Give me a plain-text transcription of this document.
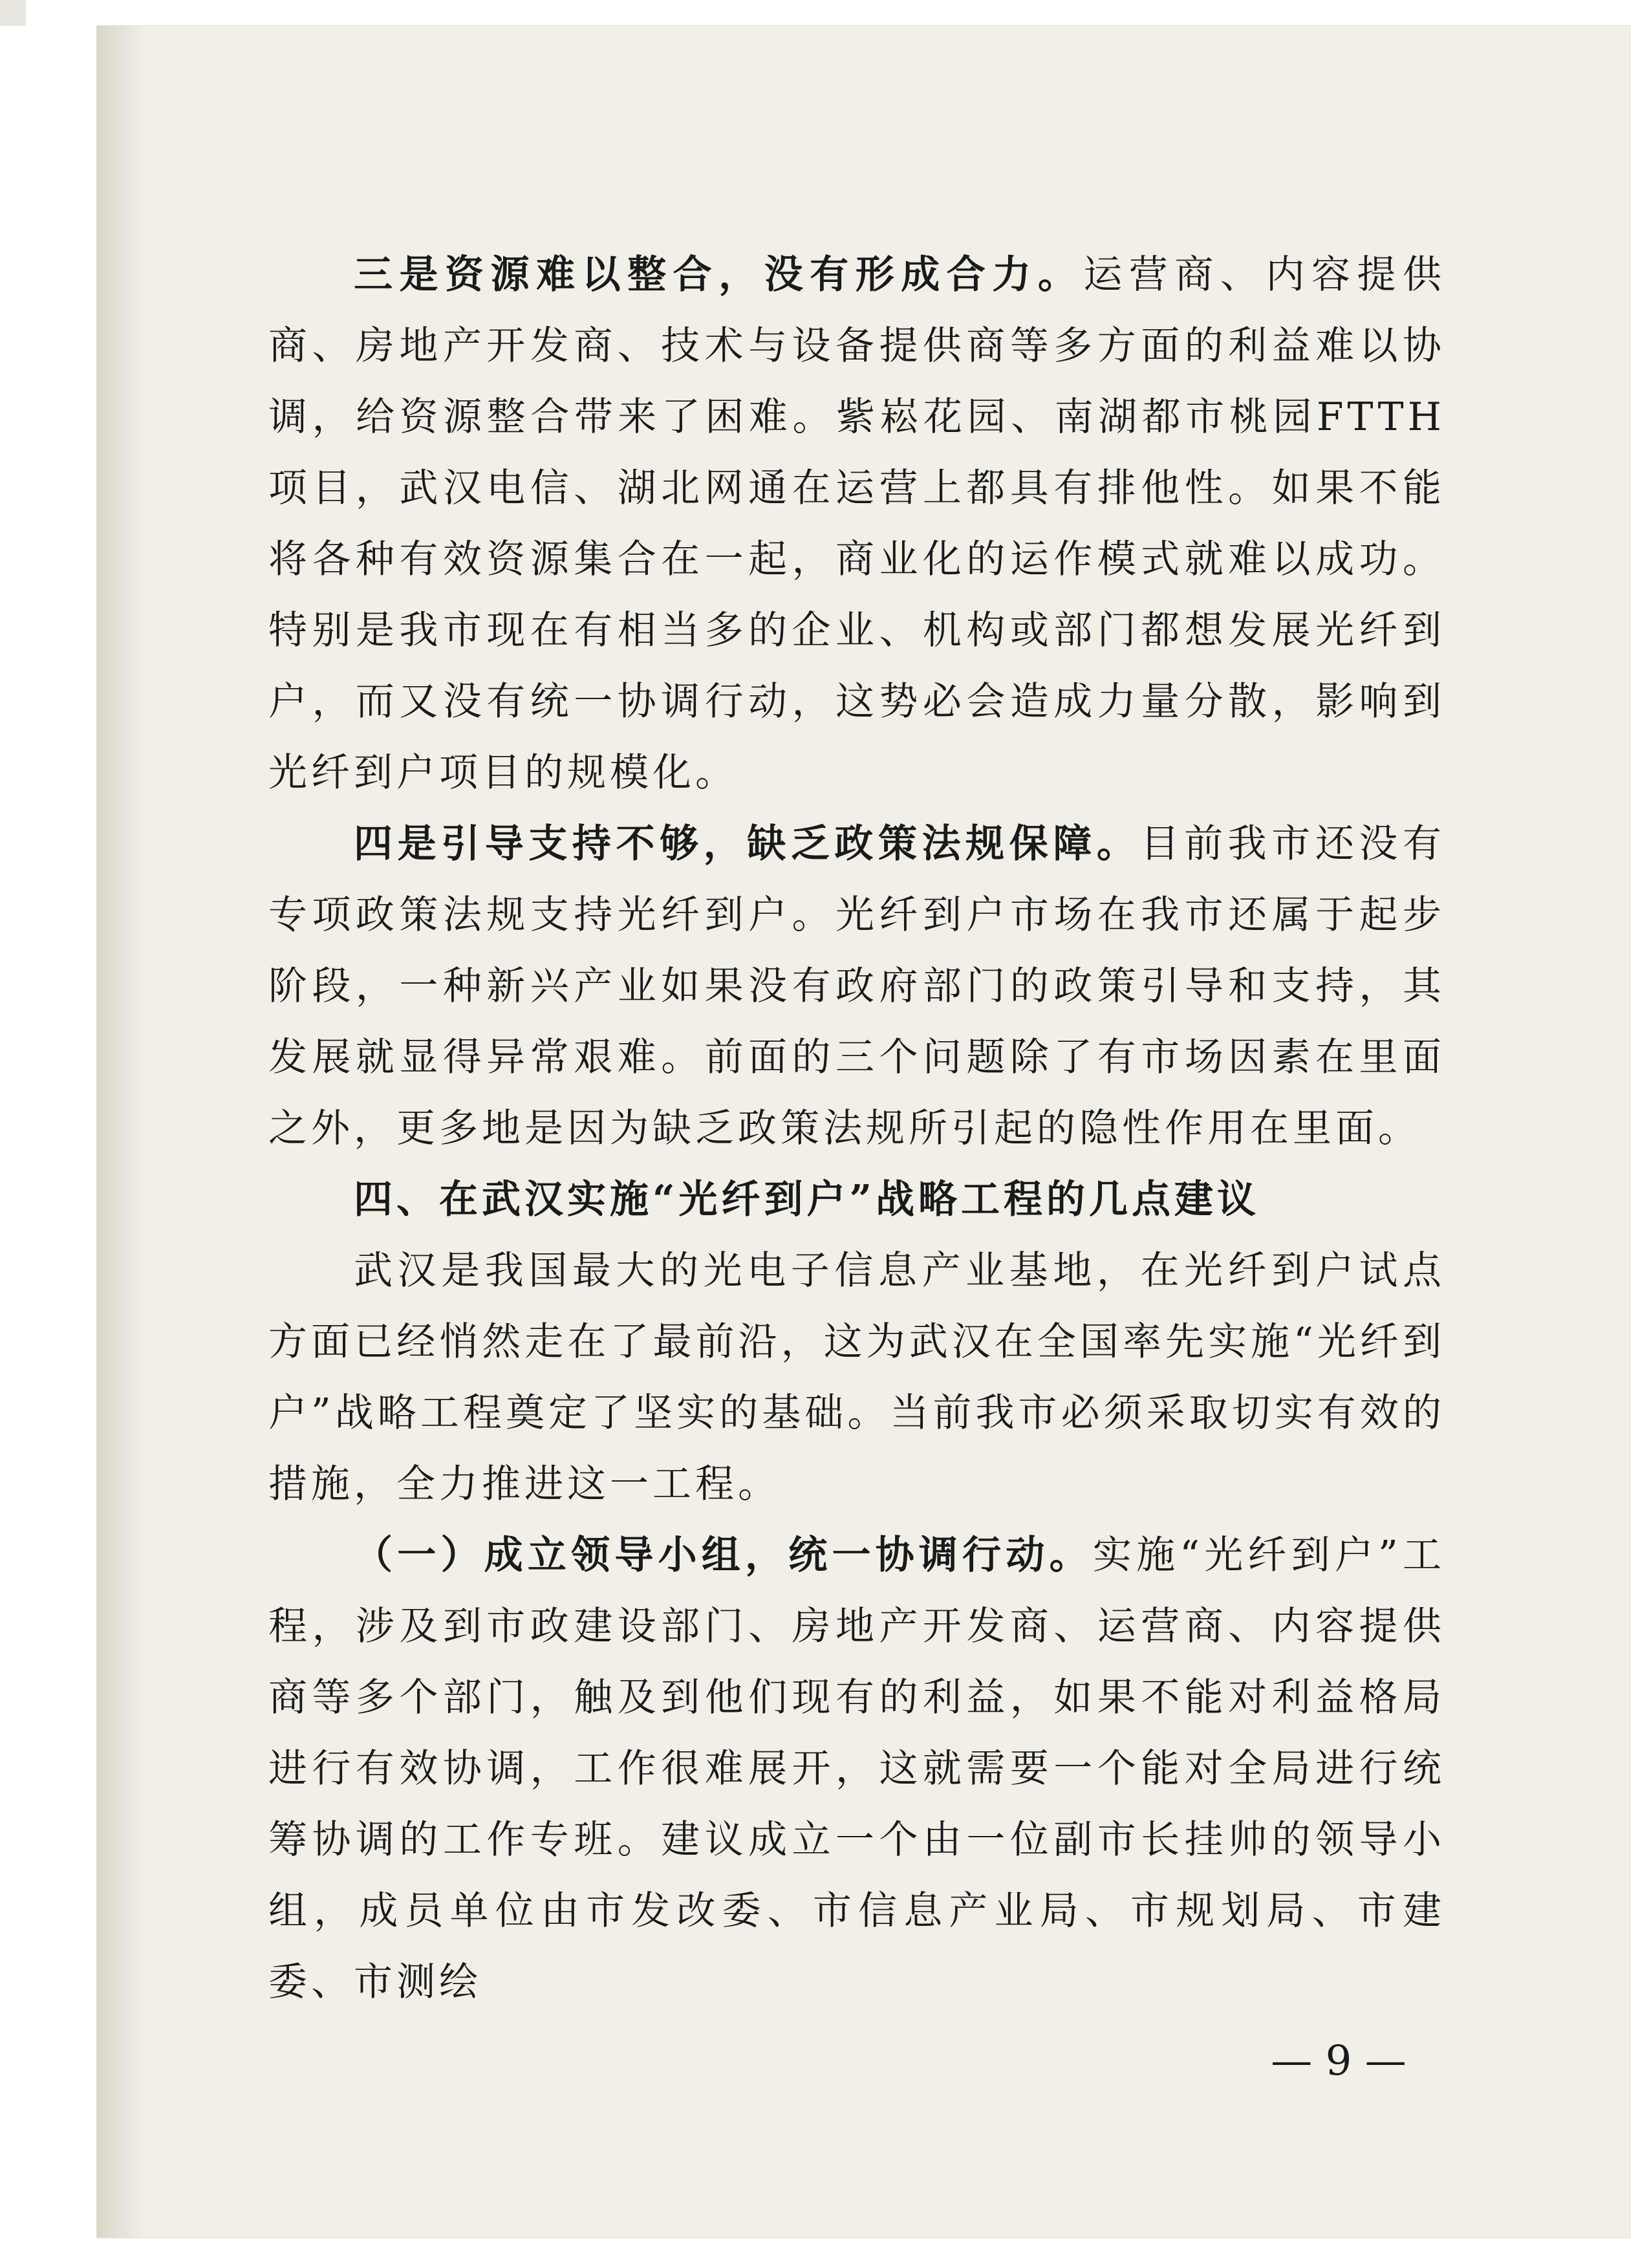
三是资源难以整合，没有形成合力。运营商、内容提供商、房地产开发商、技术与设备提供商等多方面的利益难以协调，给资源整合带来了困难。紫崧花园、南湖都市桃园FTTH项目，武汉电信、湖北网通在运营上都具有排他性。如果不能将各种有效资源集合在一起，商业化的运作模式就难以成功。特别是我市现在有相当多的企业、机构或部门都想发展光纤到户，而又没有统一协调行动，这势必会造成力量分散，影响到光纤到户项目的规模化。

四是引导支持不够，缺乏政策法规保障。目前我市还没有专项政策法规支持光纤到户。光纤到户市场在我市还属于起步阶段，一种新兴产业如果没有政府部门的政策引导和支持，其发展就显得异常艰难。前面的三个问题除了有市场因素在里面之外，更多地是因为缺乏政策法规所引起的隐性作用在里面。

四、在武汉实施“光纤到户”战略工程的几点建议

武汉是我国最大的光电子信息产业基地，在光纤到户试点方面已经悄然走在了最前沿，这为武汉在全国率先实施“光纤到户”战略工程奠定了坚实的基础。当前我市必须采取切实有效的措施，全力推进这一工程。

（一）成立领导小组，统一协调行动。实施“光纤到户”工程，涉及到市政建设部门、房地产开发商、运营商、内容提供商等多个部门，触及到他们现有的利益，如果不能对利益格局进行有效协调，工作很难展开，这就需要一个能对全局进行统筹协调的工作专班。建议成立一个由一位副市长挂帅的领导小组，成员单位由市发改委、市信息产业局、市规划局、市建委、市测绘

— 9 —
